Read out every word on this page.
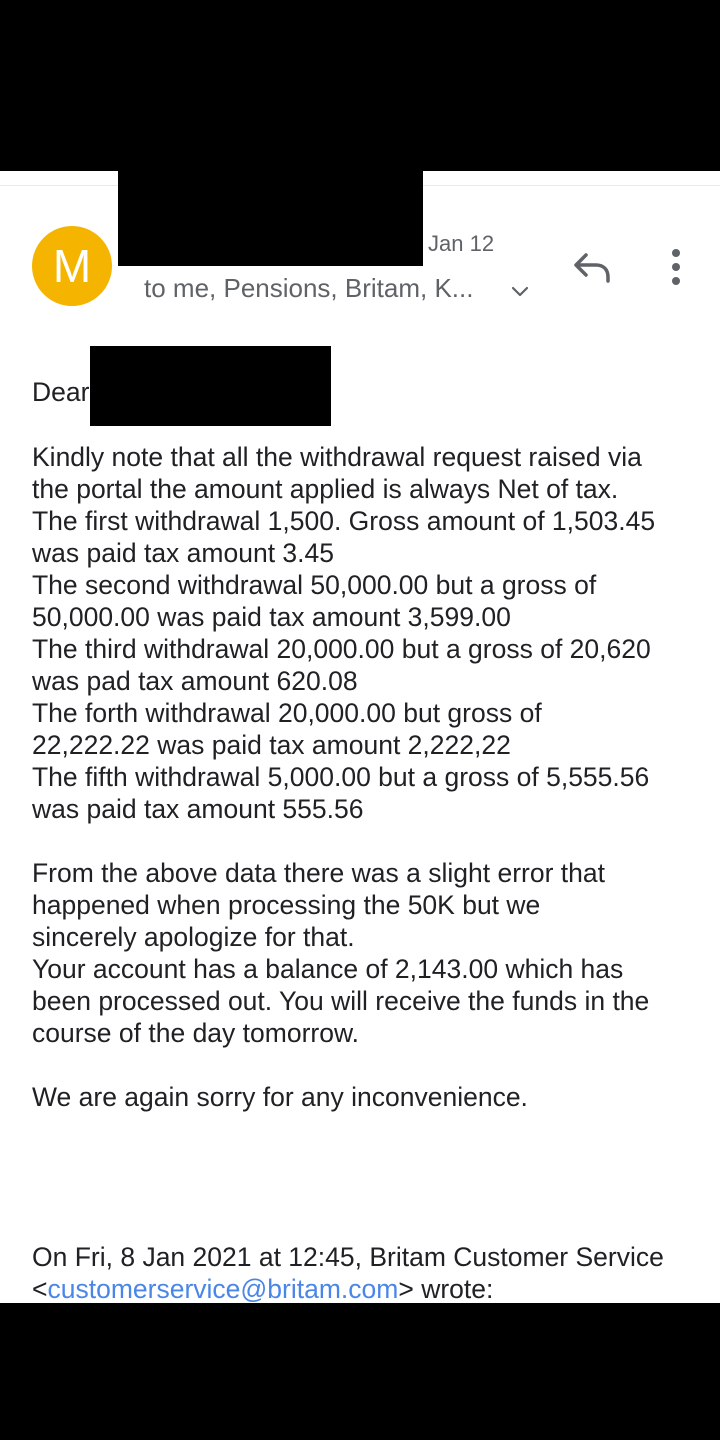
M	Jan 12
to me, Pensions, Britam, K...
Dear
Kindly note that all the withdrawal request raised via
the portal the amount applied is always Net of tax.
The first withdrawal 1,500. Gross amount of 1,503.45
was paid tax amount 3.45
The second withdrawal 50,000.00 but a gross of
50,000.00 was paid tax amount 3,599.00
The third withdrawal 20,000.00 but a gross of 20,620
was pad tax amount 620.08
The forth withdrawal 20,000.00 but gross of
22,222.22 was paid tax amount 2,222,22
The fifth withdrawal 5,000.00 but a gross of 5,555.56
was paid tax amount 555.56
From the above data there was a slight error that
happened when processing the 50K but we
sincerely apologize for that.
Your account has a balance of 2,143.00 which has
been processed out. You will receive the funds in the
course of the day tomorrow.
We are again sorry for any inconvenience.
On Fri, 8 Jan 2021 at 12:45, Britam Customer Service
<customerservice@britam.com> wrote:
